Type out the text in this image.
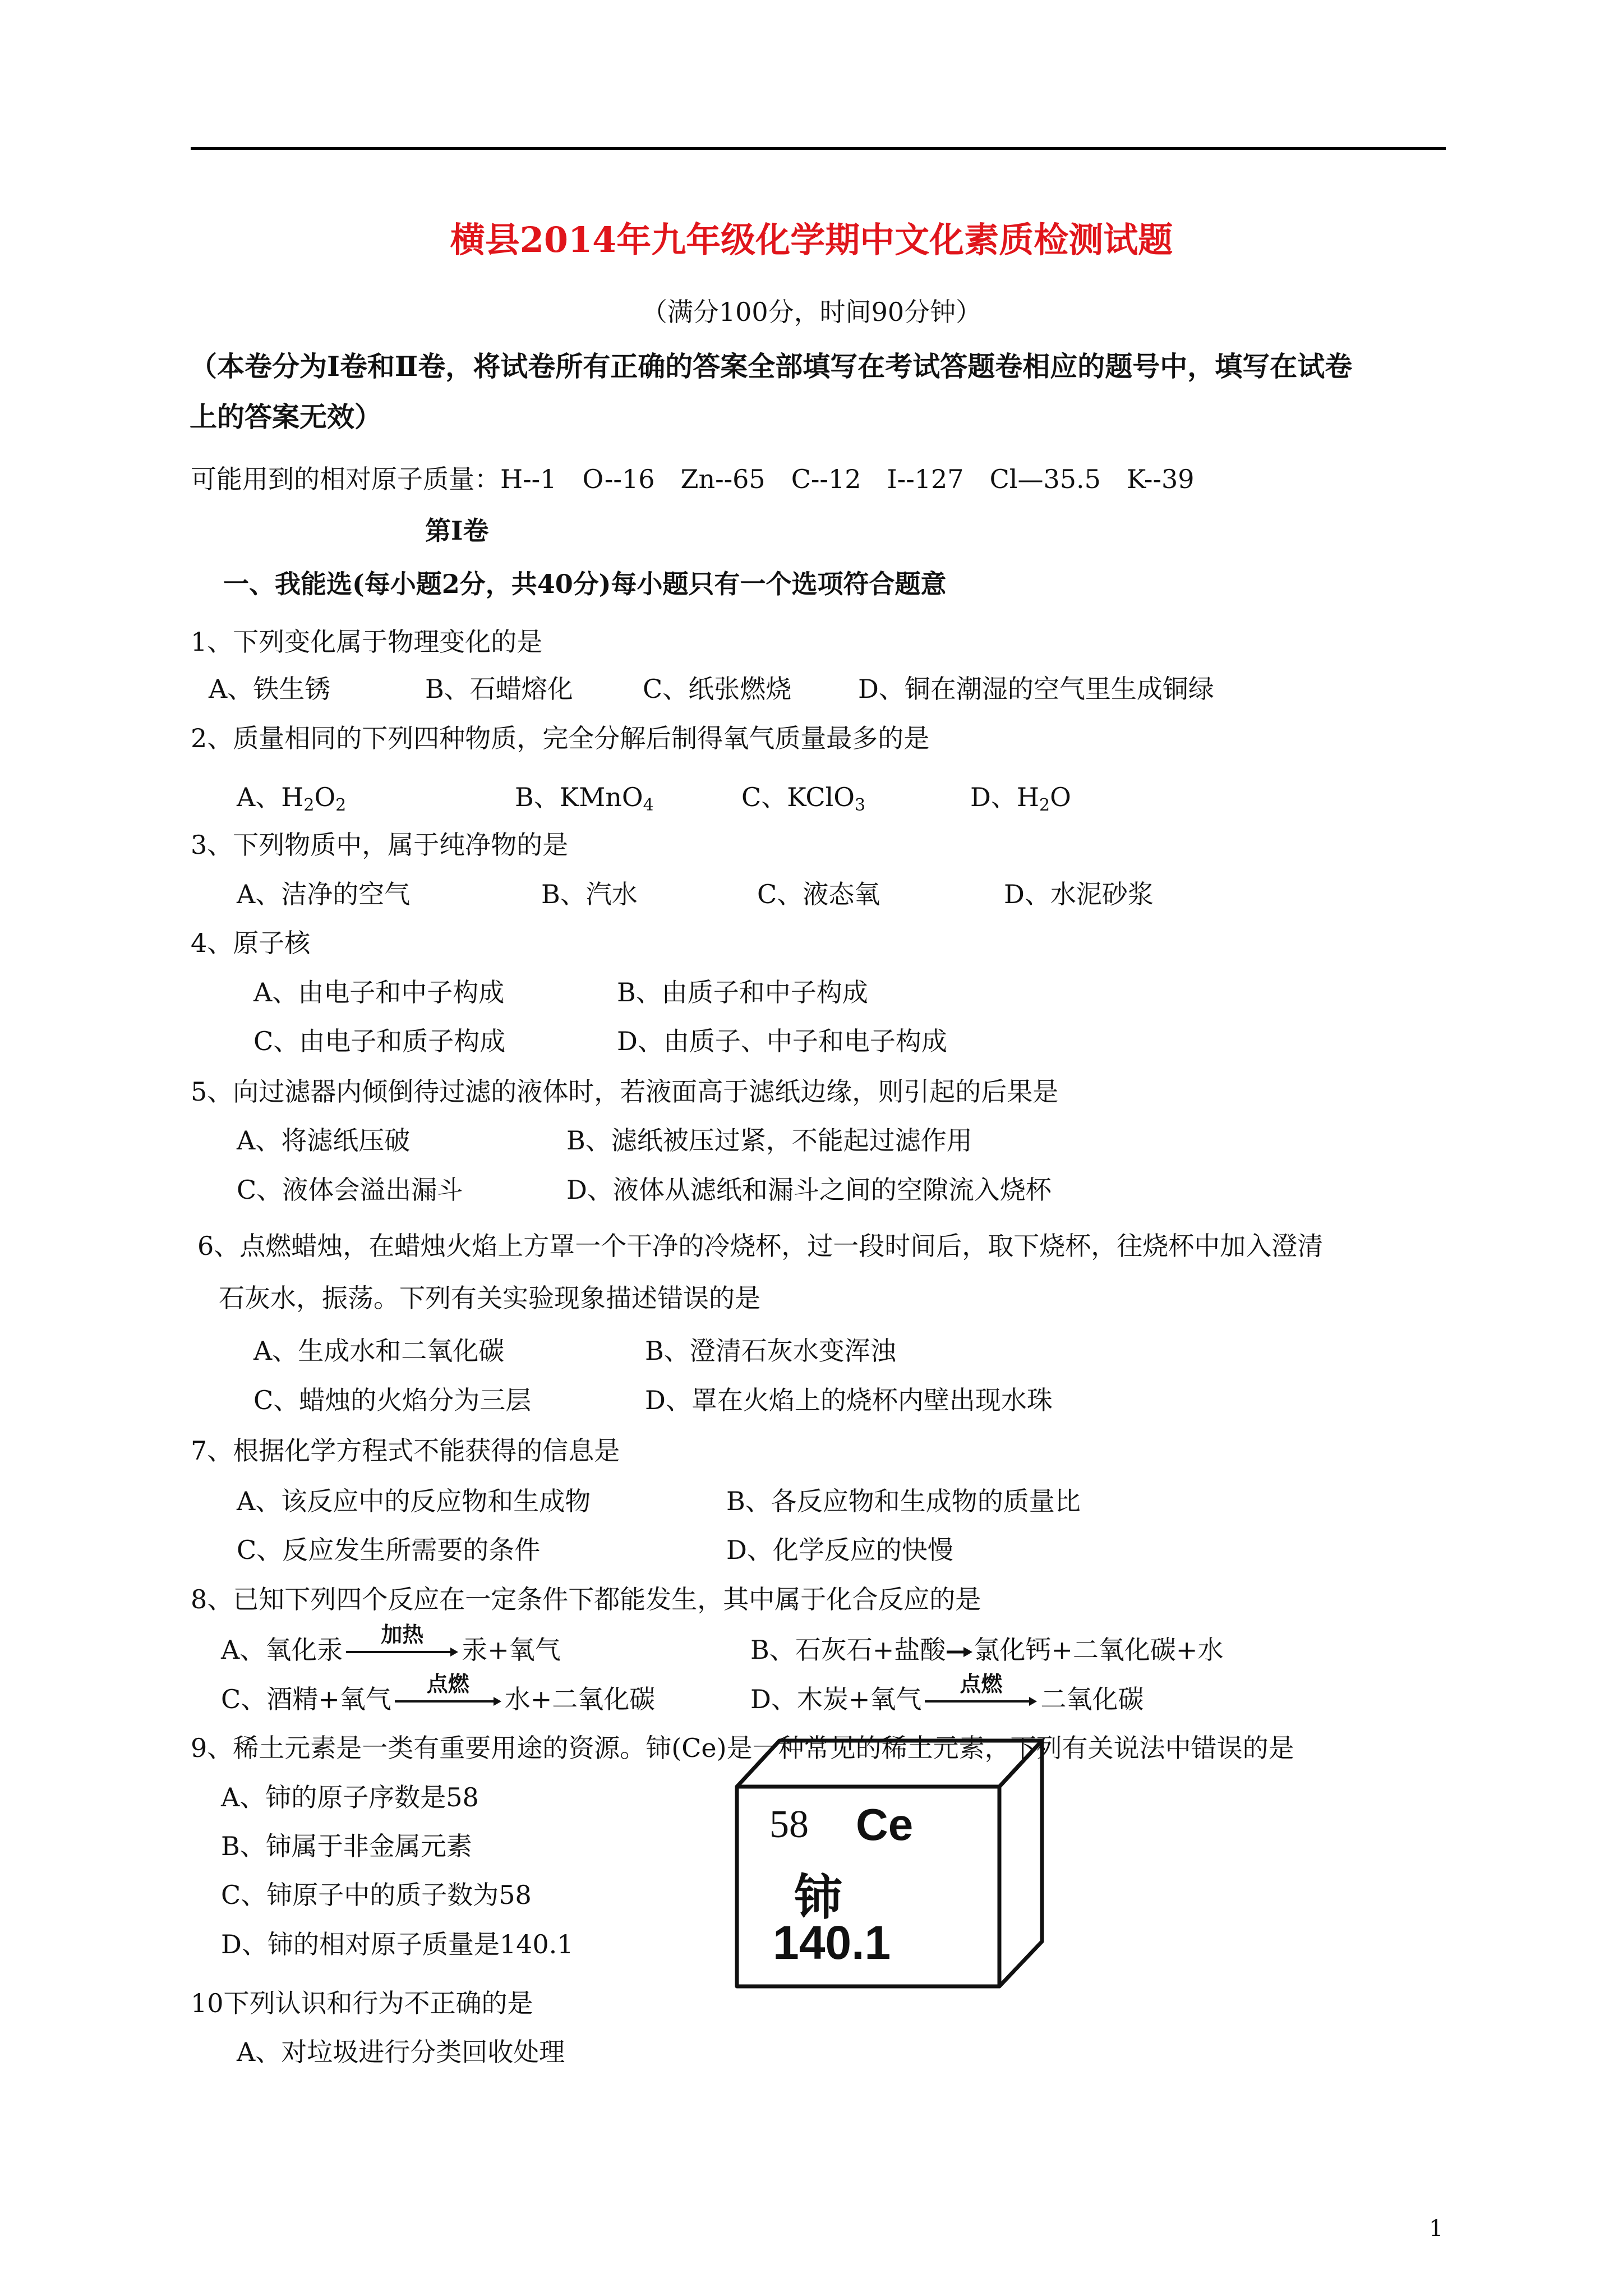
横县2014年九年级化学期中文化素质检测试题
（满分100分，时间90分钟）
（本卷分为Ⅰ卷和Ⅱ卷，将试卷所有正确的答案全部填写在考试答题卷相应的题号中，填写在试卷
上的答案无效）
可能用到的相对原子质量：H--1　O--16　Zn--65　C--12　I--127　Cl—35.5　K--39
第Ⅰ卷
一、我能选(每小题2分，共40分)每小题只有一个选项符合题意
1、下列变化属于物理变化的是
A、铁生锈	B、石蜡熔化	C、纸张燃烧	D、铜在潮湿的空气里生成铜绿
2、质量相同的下列四种物质，完全分解后制得氧气质量最多的是
A、$H_2O_2$	B、KMnO$_4$	C、KClO$_3$	D、$H_2O$
3、下列物质中，属于纯净物的是
A、洁净的空气	B、汽水	C、液态氧	D、水泥砂浆
4、原子核
A、由电子和中子构成	B、由质子和中子构成
C、由电子和质子构成	D、由质子、中子和电子构成
5、向过滤器内倾倒待过滤的液体时，若液面高于滤纸边缘，则引起的后果是
A、将滤纸压破	B、滤纸被压过紧，不能起过滤作用
C、液体会溢出漏斗	D、液体从滤纸和漏斗之间的空隙流入烧杯
6、点燃蜡烛，在蜡烛火焰上方罩一个干净的冷烧杯，过一段时间后，取下烧杯，往烧杯中加入澄清
石灰水，振荡。下列有关实验现象描述错误的是
A、生成水和二氧化碳	B、澄清石灰水变浑浊
C、蜡烛的火焰分为三层	D、罩在火焰上的烧杯内壁出现水珠
7、根据化学方程式不能获得的信息是
A、该反应中的反应物和生成物	B、各反应物和生成物的质量比
C、反应发生所需要的条件	D、化学反应的快慢
8、已知下列四个反应在一定条件下都能发生，其中属于化合反应的是
A、氧化汞	加热	汞+氧气	B、石灰石+盐酸 → 氯化钙+二氧化碳+水
C、酒精+氧气	点燃	水+二氧化碳	D、木炭+氧气	点燃	二氧化碳
9、稀土元素是一类有重要用途的资源。铈(Ce)是一种常见的稀土元素，下列有关说法中错误的是
A、铈的原子序数是58
B、铈属于非金属元素
C、铈原子中的质子数为58
D、铈的相对原子质量是140.1
58 Ce
铈
140.1
10下列认识和行为不正确的是
A、对垃圾进行分类回收处理
1
